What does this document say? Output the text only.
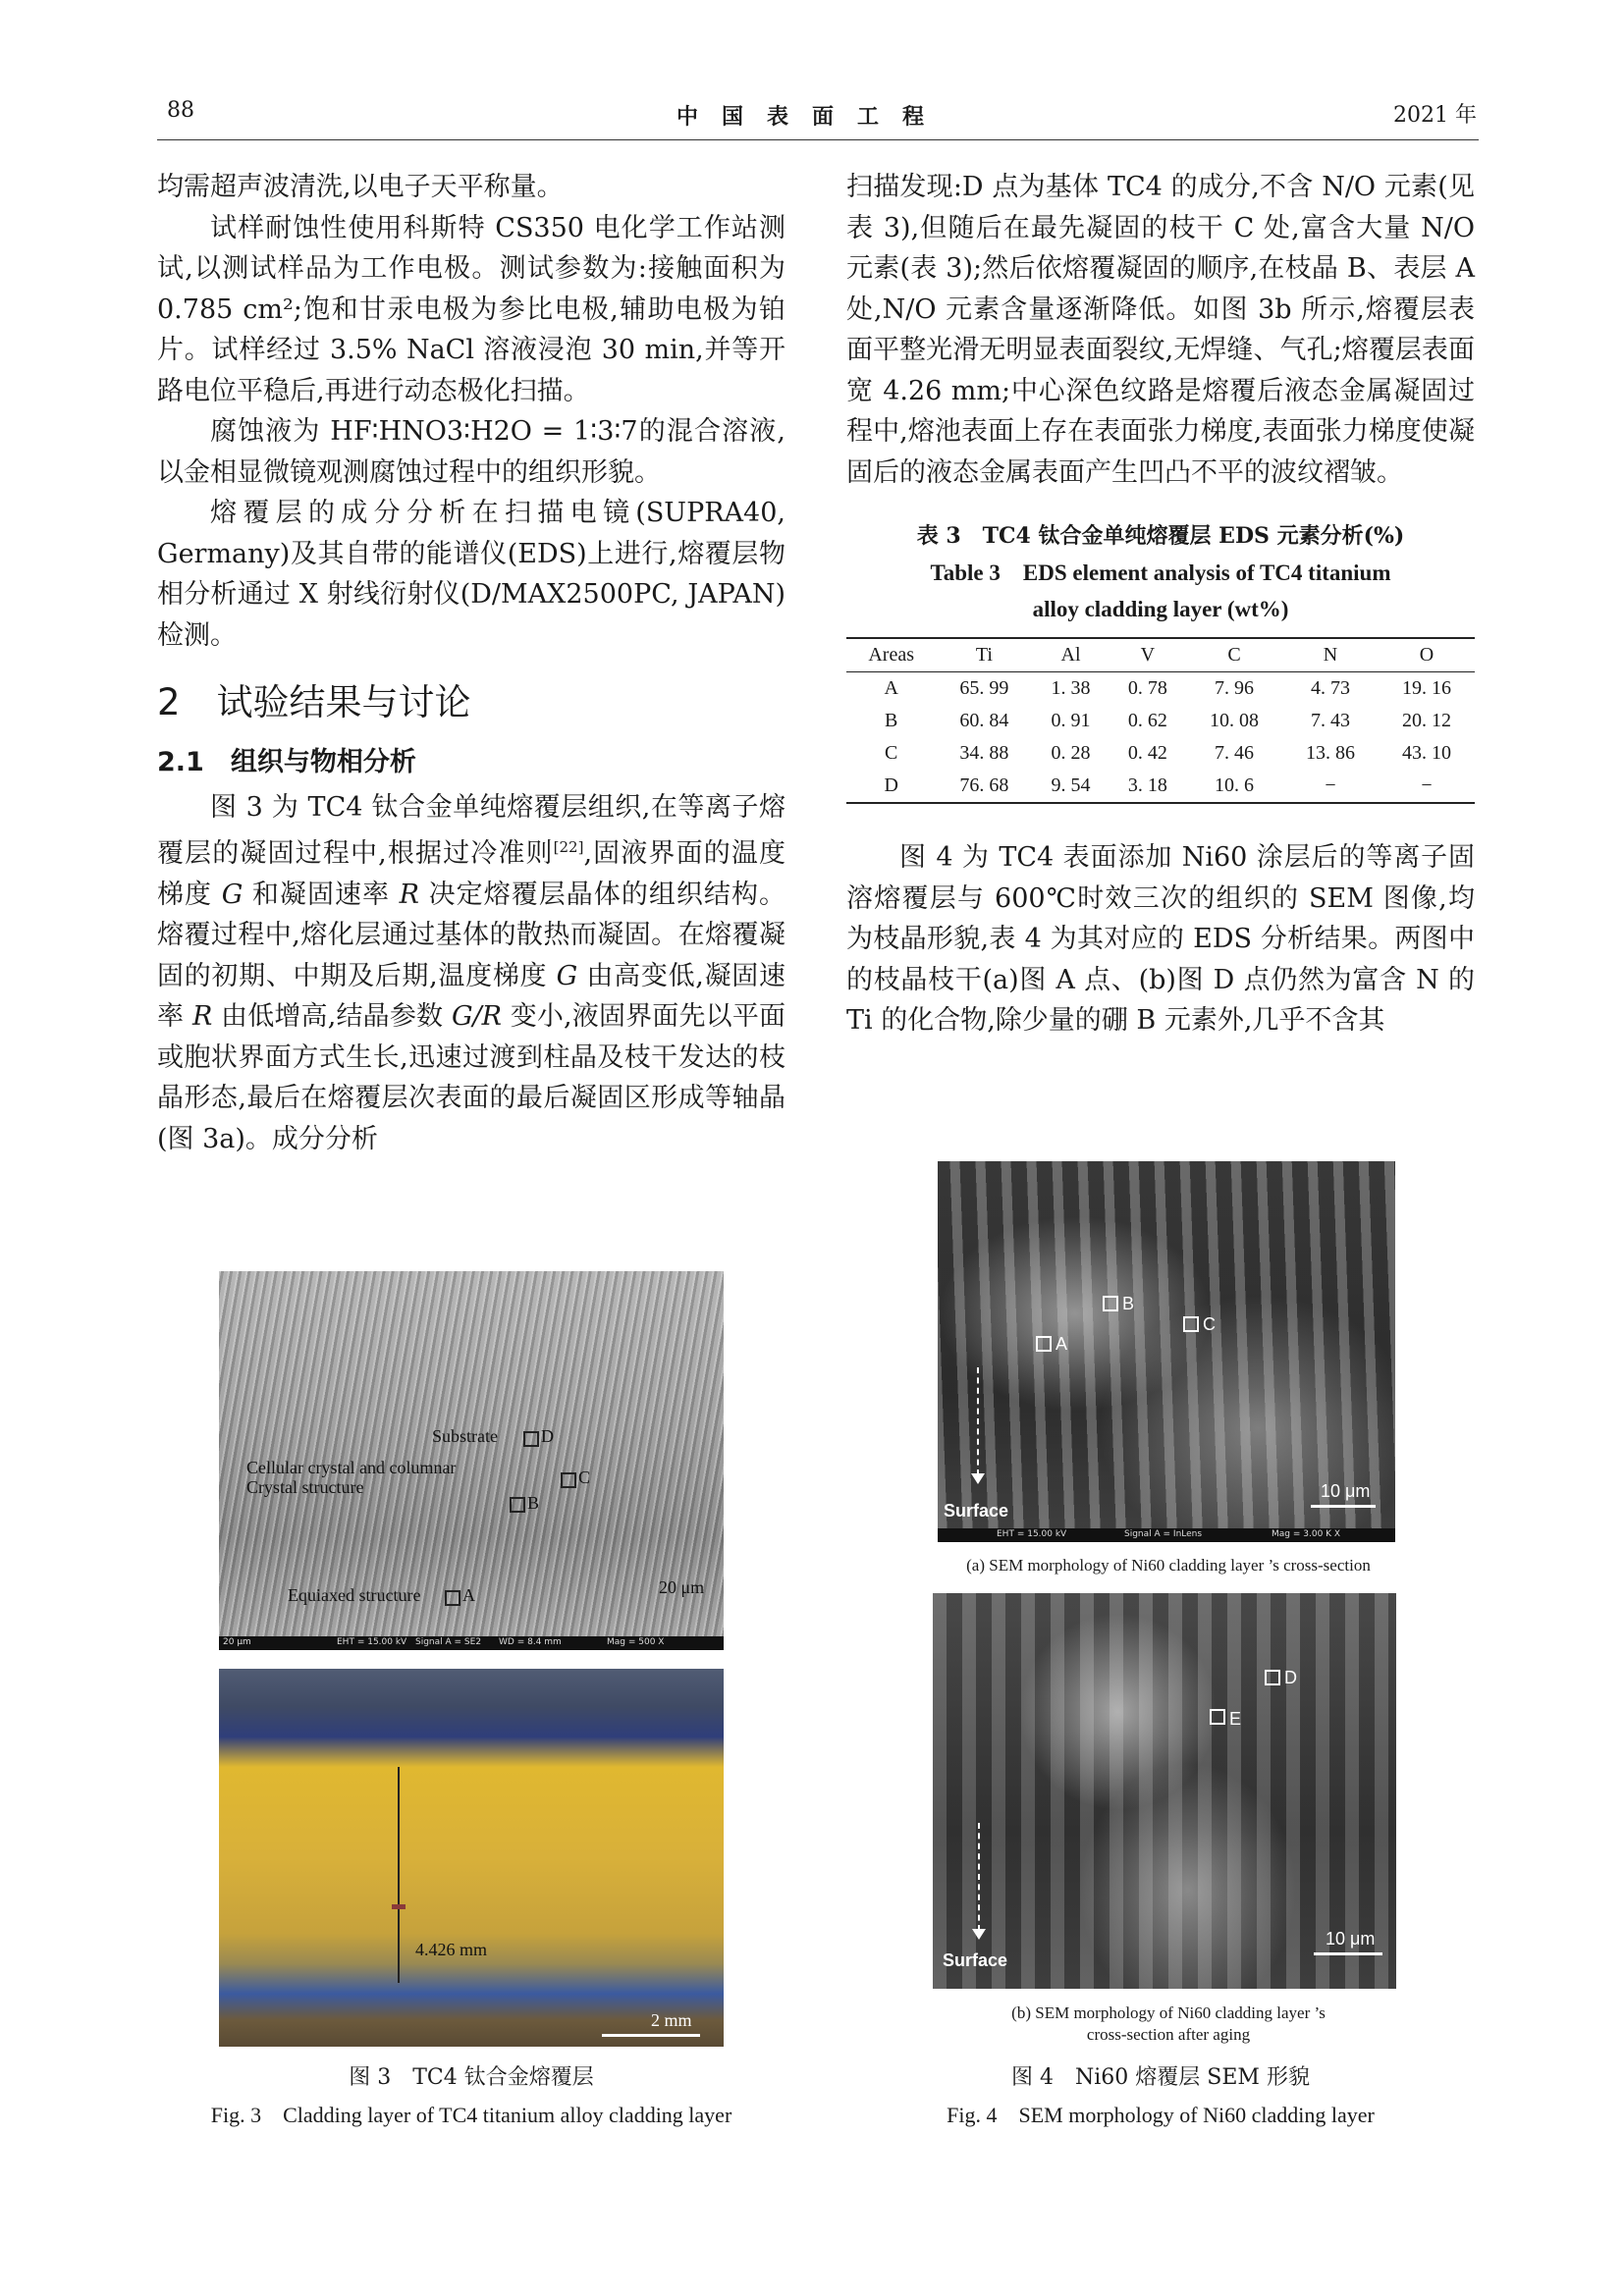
88	中国表面工程	2021 年

均需超声波清洗,以电子天平称量。

试样耐蚀性使用科斯特 CS350 电化学工作站测试,以测试样品为工作电极。测试参数为:接触面积为 0.785 cm²;饱和甘汞电极为参比电极,辅助电极为铂片。试样经过 3.5% NaCl 溶液浸泡 30 min,并等开路电位平稳后,再进行动态极化扫描。

腐蚀液为 HF∶HNO3∶H2O = 1∶3∶7的混合溶液,以金相显微镜观测腐蚀过程中的组织形貌。

熔覆层的成分分析在扫描电镜(SUPRA40, Germany)及其自带的能谱仪(EDS)上进行,熔覆层物相分析通过 X 射线衍射仪(D/MAX2500PC, JAPAN)检测。

2　试验结果与讨论

2.1　组织与物相分析

图 3 为 TC4 钛合金单纯熔覆层组织,在等离子熔覆层的凝固过程中,根据过冷准则[22],固液界面的温度梯度 G 和凝固速率 R 决定熔覆层晶体的组织结构。熔覆过程中,熔化层通过基体的散热而凝固。在熔覆凝固的初期、中期及后期,温度梯度 G 由高变低,凝固速率 R 由低增高,结晶参数 G/R 变小,液固界面先以平面或胞状界面方式生长,迅速过渡到柱晶及枝干发达的枝晶形态,最后在熔覆层次表面的最后凝固区形成等轴晶(图 3a)。成分分析

扫描发现:D 点为基体 TC4 的成分,不含 N/O 元素(见表 3),但随后在最先凝固的枝干 C 处,富含大量 N/O 元素(表 3);然后依熔覆凝固的顺序,在枝晶 B、表层 A 处,N/O 元素含量逐渐降低。如图 3b 所示,熔覆层表面平整光滑无明显表面裂纹,无焊缝、气孔;熔覆层表面宽 4.26 mm;中心深色纹路是熔覆后液态金属凝固过程中,熔池表面上存在表面张力梯度,表面张力梯度使凝固后的液态金属表面产生凹凸不平的波纹褶皱。

表 3　TC4 钛合金单纯熔覆层 EDS 元素分析(%)
Table 3　EDS element analysis of TC4 titanium
alloy cladding layer (wt%)
Areas	Ti	Al	V	C	N	O
A	65. 99	1. 38	0. 78	7. 96	4. 73	19. 16
B	60. 84	0. 91	0. 62	10. 08	7. 43	20. 12
C	34. 88	0. 28	0. 42	7. 46	13. 86	43. 10
D	76. 68	9. 54	3. 18	10. 6	−	−

图 4 为 TC4 表面添加 Ni60 涂层后的等离子固溶熔覆层与 600℃时效三次的组织的 SEM 图像,均为枝晶形貌,表 4 为其对应的 EDS 分析结果。两图中的枝晶枝干(a)图 A 点、(b)图 D 点仍然为富含 N 的 Ti 的化合物,除少量的硼 B 元素外,几乎不含其

Substrate D
Cellular crystal and columnar
Crystal structure	C
B
Equiaxed structure A	20 μm
20 μm	EHT = 15.00 kV Signal A = SE2 WD = 8.4 mm	Mag = 500 X
4.426 mm
2 mm
图 3　TC4 钛合金熔覆层
Fig. 3　Cladding layer of TC4 titanium alloy cladding layer
A
B
C
Surface
10 μm
EHT = 15.00 kV	Signal A = InLens	Mag = 3.00 K X
(a) SEM morphology of Ni60 cladding layer ’s cross-section
D
E
Surface
10 μm
(b) SEM morphology of Ni60 cladding layer ’s
cross-section after aging
图 4　Ni60 熔覆层 SEM 形貌
Fig. 4　SEM morphology of Ni60 cladding layer
